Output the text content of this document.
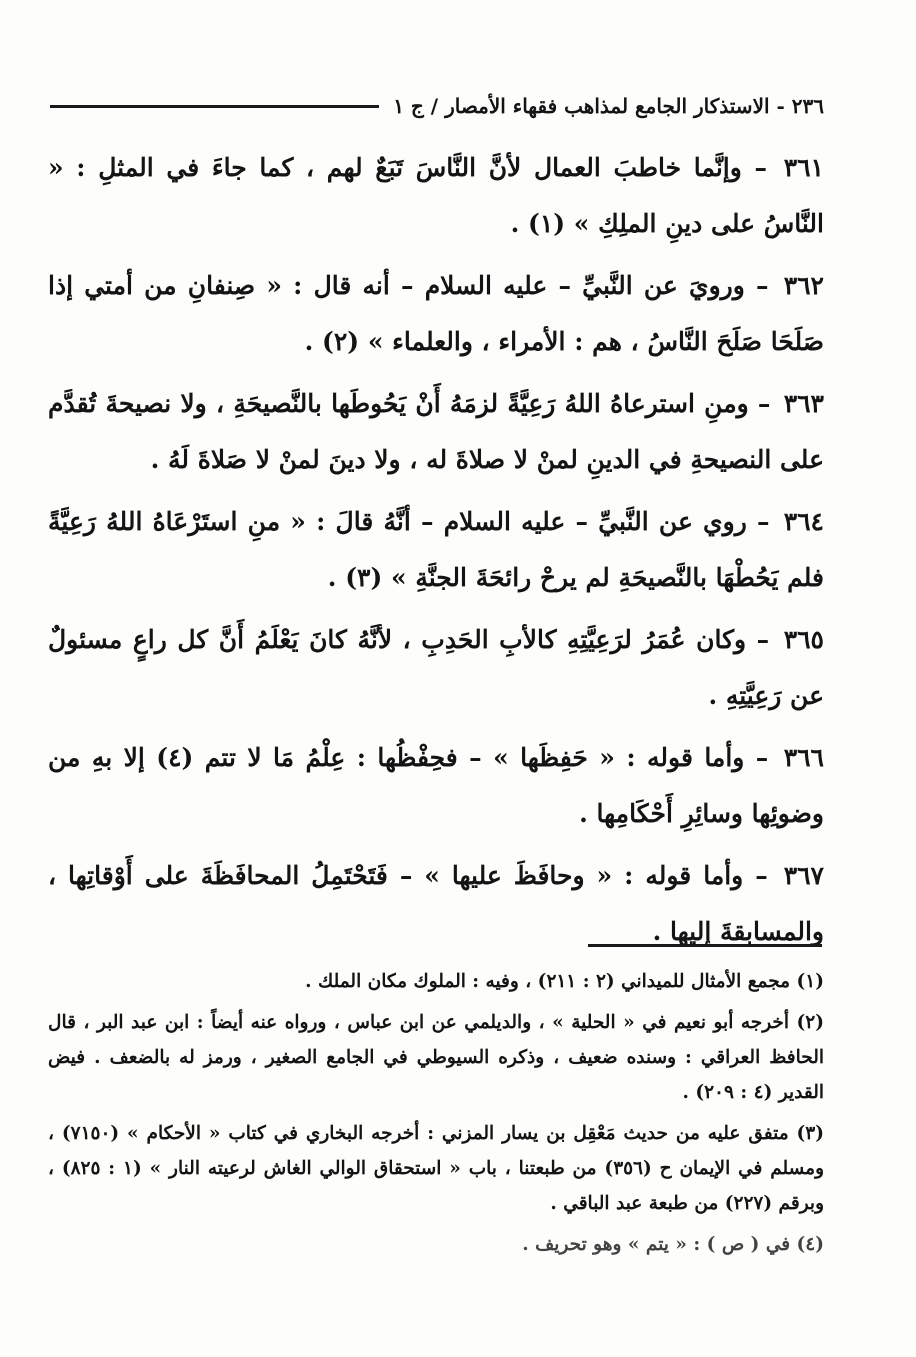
٢٣٦ - الاستذكار الجامع لمذاهب فقهاء الأمصار / ج ١

٣٦١ – وإنَّما خاطبَ العمال لأنَّ النَّاسَ تَبَعٌ لهم ، كما جاءَ في المثلِ : « النَّاسُ على دينِ الملِكِ » (١) .

٣٦٢ – ورويَ عن النَّبيِّ – عليه السلام – أنه قال : « صِنفانِ من أمتي إذا صَلَحَا صَلَحَ النَّاسُ ، هم : الأمراء ، والعلماء » (٢) .

٣٦٣ – ومنِ استرعاهُ اللهُ رَعِيَّةً لزمَهُ أَنْ يَحُوطَها بالنَّصيحَةِ ، ولا نصيحةَ تُقدَّم على النصيحةِ في الدينِ لمنْ لا صلاةَ له ، ولا دينَ لمنْ لا صَلاةَ لَهُ .

٣٦٤ – روي عن النَّبيِّ – عليه السلام – أنَّهُ قالَ : « منِ استَرْعَاهُ اللهُ رَعِيَّةً فلم يَحُطْهَا بالنَّصيحَةِ لم يرحْ رائحَةَ الجنَّةِ » (٣) .

٣٦٥ – وكان عُمَرُ لرَعِيَّتِهِ كالأبِ الحَدِبِ ، لأنَّهُ كانَ يَعْلَمُ أَنَّ كل راعٍ مسئولٌ عن رَعِيَّتِهِ .

٣٦٦ – وأما قوله : « حَفِظَها » – فحِفْظُها : عِلْمُ مَا لا تتم (٤) إلا بهِ من وضوئِها وسائِرِ أَحْكَامِها .

٣٦٧ – وأما قوله : « وحافَظَ عليها » – فَتَحْتَمِلُ المحافَظَةَ على أَوْقاتِها ، والمسابقةَ إليها .

(١) مجمع الأمثال للميداني (٢ : ٢١١) ، وفيه : الملوك مكان الملك .

(٢) أخرجه أبو نعيم في « الحلية » ، والديلمي عن ابن عباس ، ورواه عنه أيضاً : ابن عبد البر ، قال الحافظ العراقي : وسنده ضعيف ، وذكره السيوطي في الجامع الصغير ، ورمز له بالضعف . فيض القدير (٤ : ٢٠٩) .

(٣) متفق عليه من حديث مَعْقِل بن يسار المزني : أخرجه البخاري في كتاب « الأحكام » (٧١٥٠) ، ومسلم في الإيمان ح (٣٥٦) من طبعتنا ، باب « استحقاق الوالي الغاش لرعيته النار » (١ : ٨٢٥) ، وبرقم (٢٢٧) من طبعة عبد الباقي .

(٤) في ( ص ) : « يتم » وهو تحريف .
